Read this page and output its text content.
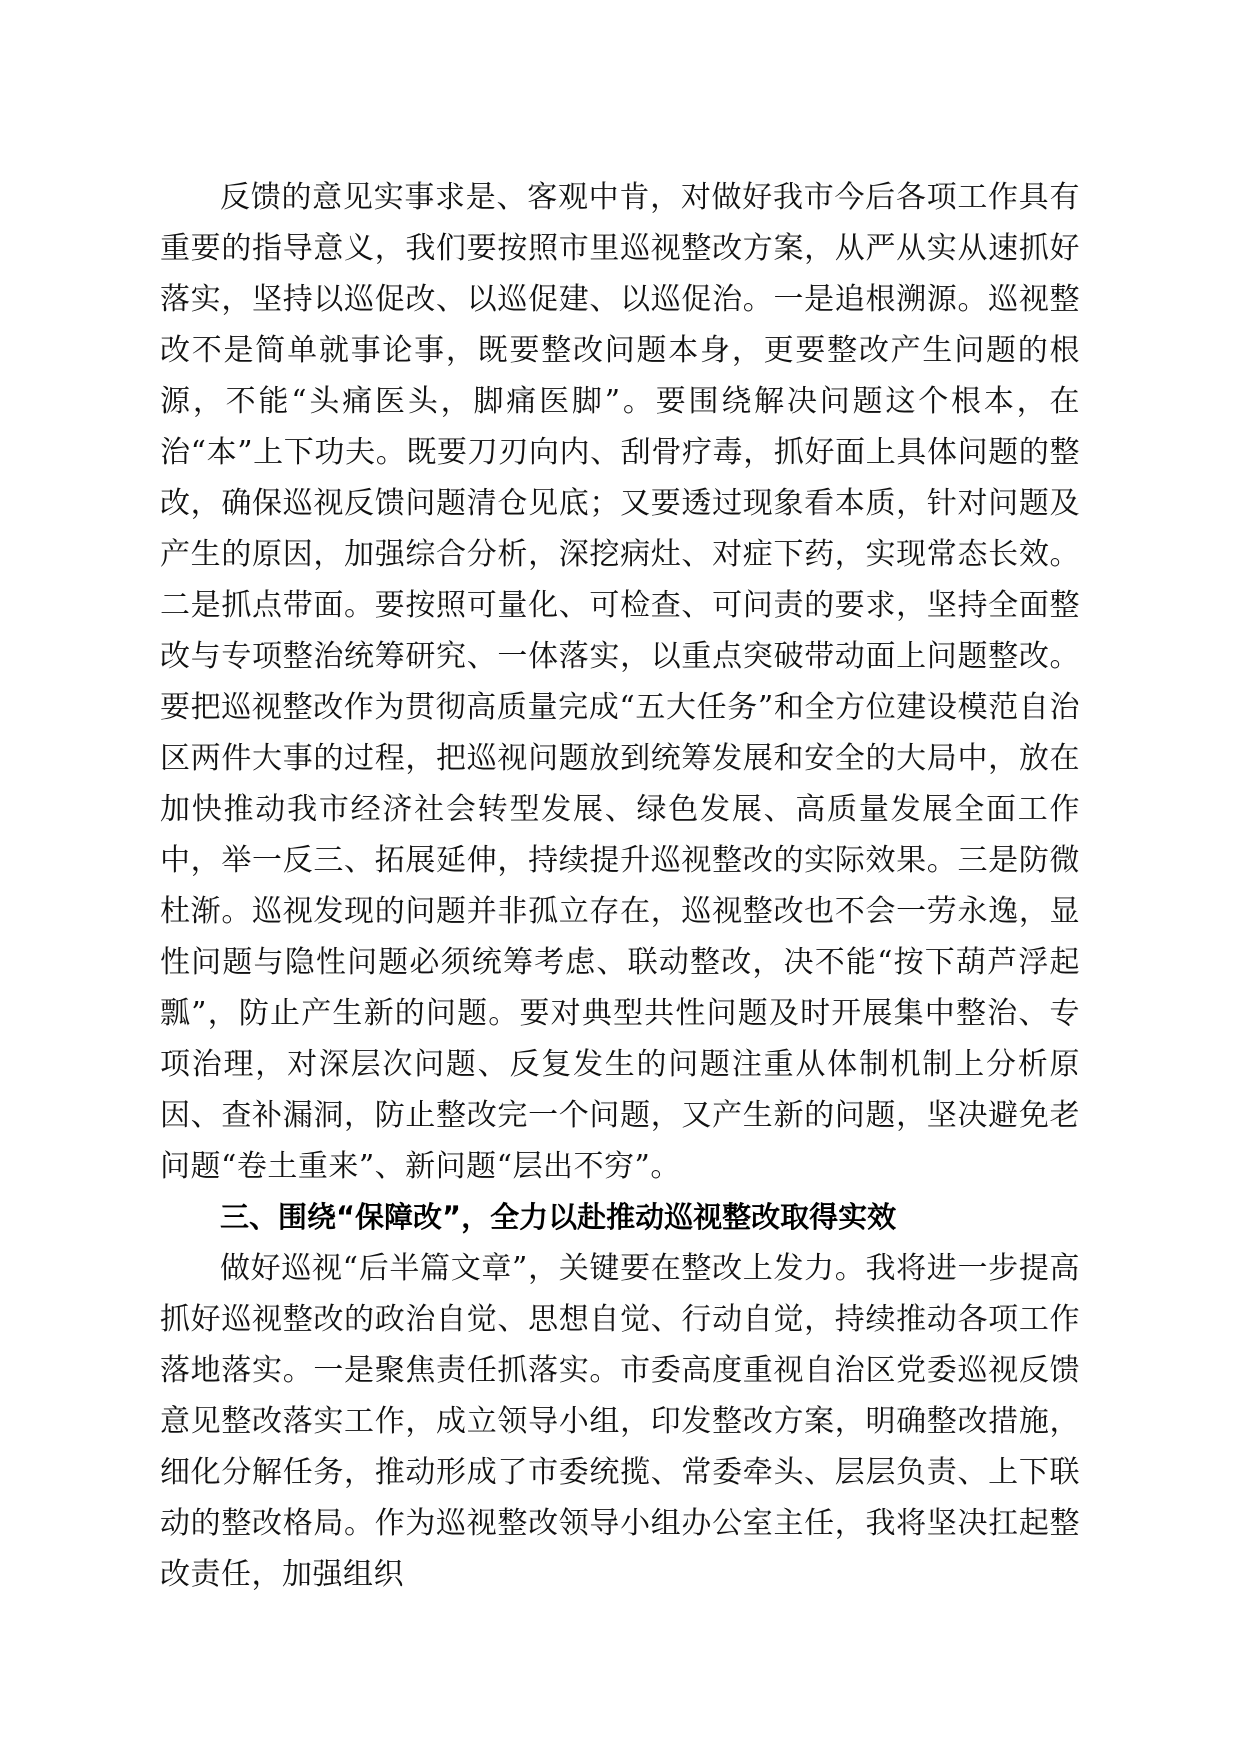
反馈的意见实事求是、客观中肯，对做好我市今后各项工作具有重要的指导意义，我们要按照市里巡视整改方案，从严从实从速抓好落实，坚持以巡促改、以巡促建、以巡促治。一是追根溯源。巡视整改不是简单就事论事，既要整改问题本身，更要整改产生问题的根源，不能“头痛医头，脚痛医脚”。要围绕解决问题这个根本，在治“本”上下功夫。既要刀刃向内、刮骨疗毒，抓好面上具体问题的整改，确保巡视反馈问题清仓见底；又要透过现象看本质，针对问题及产生的原因，加强综合分析，深挖病灶、对症下药，实现常态长效。二是抓点带面。要按照可量化、可检查、可问责的要求，坚持全面整改与专项整治统筹研究、一体落实，以重点突破带动面上问题整改。要把巡视整改作为贯彻高质量完成“五大任务”和全方位建设模范自治区两件大事的过程，把巡视问题放到统筹发展和安全的大局中，放在加快推动我市经济社会转型发展、绿色发展、高质量发展全面工作中，举一反三、拓展延伸，持续提升巡视整改的实际效果。三是防微杜渐。巡视发现的问题并非孤立存在，巡视整改也不会一劳永逸，显性问题与隐性问题必须统筹考虑、联动整改，决不能“按下葫芦浮起瓢”，防止产生新的问题。要对典型共性问题及时开展集中整治、专项治理，对深层次问题、反复发生的问题注重从体制机制上分析原因、查补漏洞，防止整改完一个问题，又产生新的问题，坚决避免老问题“卷土重来”、新问题“层出不穷”。

三、围绕“保障改”，全力以赴推动巡视整改取得实效

做好巡视“后半篇文章”，关键要在整改上发力。我将进一步提高抓好巡视整改的政治自觉、思想自觉、行动自觉，持续推动各项工作落地落实。一是聚焦责任抓落实。市委高度重视自治区党委巡视反馈意见整改落实工作，成立领导小组，印发整改方案，明确整改措施，细化分解任务，推动形成了市委统揽、常委牵头、层层负责、上下联动的整改格局。作为巡视整改领导小组办公室主任，我将坚决扛起整改责任，加强组织
